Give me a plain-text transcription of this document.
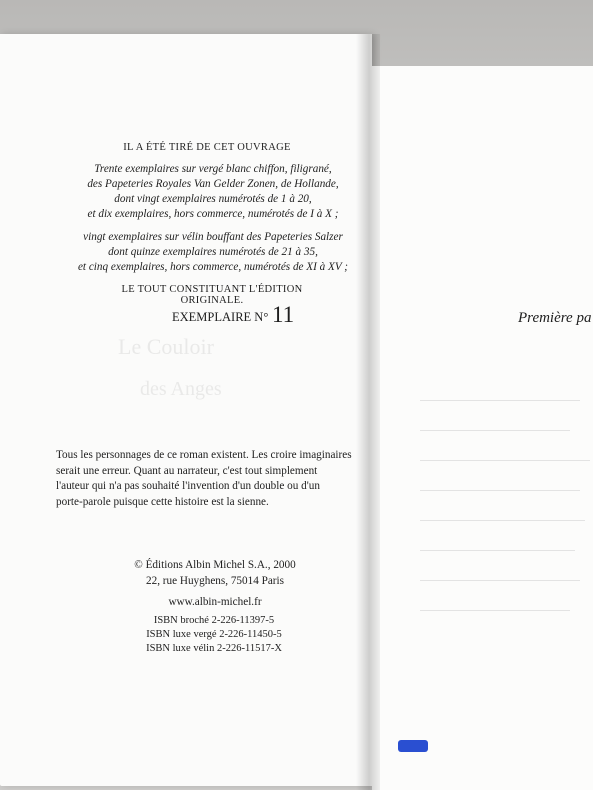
IL A ÉTÉ TIRÉ DE CET OUVRAGE
Trente exemplaires sur vergé blanc chiffon, filigrané,
des Papeteries Royales Van Gelder Zonen, de Hollande,
dont vingt exemplaires numérotés de 1 à 20,
et dix exemplaires, hors commerce, numérotés de I à X ;
vingt exemplaires sur vélin bouffant des Papeteries Salzer
dont quinze exemplaires numérotés de 21 à 35,
et cinq exemplaires, hors commerce, numérotés de XI à XV ;
LE TOUT CONSTITUANT L'ÉDITION ORIGINALE.
EXEMPLAIRE N° 11
Le Couloir
des Anges
Tous les personnages de ce roman existent. Les croire imaginaires
serait une erreur. Quant au narrateur, c'est tout simplement
l'auteur qui n'a pas souhaité l'invention d'un double ou d'un
porte-parole puisque cette histoire est la sienne.
© Éditions Albin Michel S.A., 2000
22, rue Huyghens, 75014 Paris
www.albin-michel.fr
ISBN broché 2-226-11397-5
ISBN luxe vergé 2-226-11450-5
ISBN luxe vélin 2-226-11517-X
Première pa
